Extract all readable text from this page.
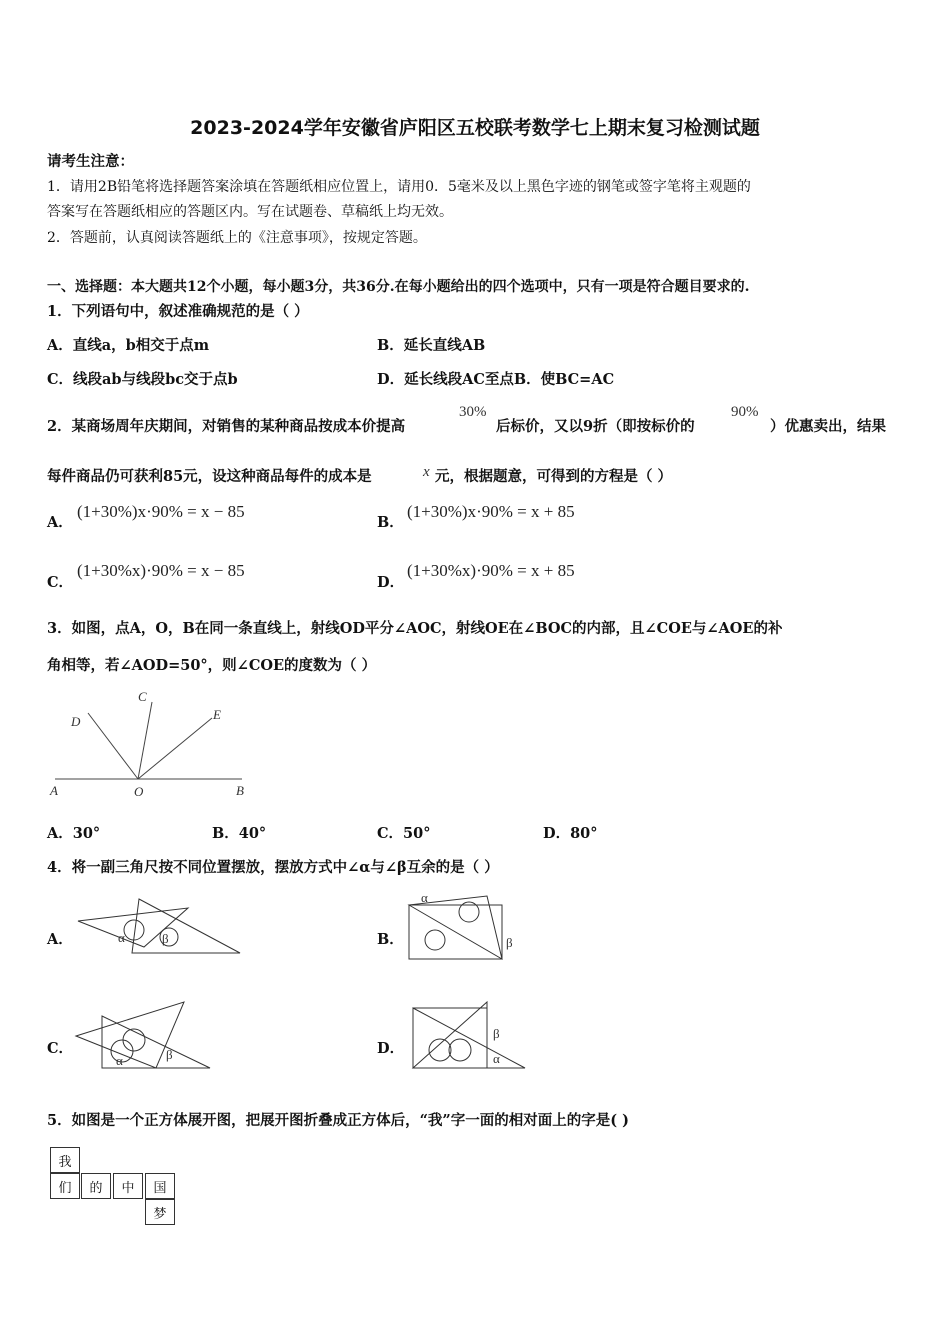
2023-2024学年安徽省庐阳区五校联考数学七上期末复习检测试题
请考生注意：
1．请用2B铅笔将选择题答案涂填在答题纸相应位置上，请用0．5毫米及以上黑色字迹的钢笔或签字笔将主观题的
答案写在答题纸相应的答题区内。写在试题卷、草稿纸上均无效。
2．答题前，认真阅读答题纸上的《注意事项》，按规定答题。
一、选择题：本大题共12个小题，每小题3分，共36分.在每小题给出的四个选项中，只有一项是符合题目要求的.
1．下列语句中，叙述准确规范的是（ ）
A．直线a，b相交于点m	B．延长直线AB
C．线段ab与线段bc交于点b	D．延长线段AC至点B．使BC=AC
2．某商场周年庆期间，对销售的某种商品按成本价提高
30%
后标价，又以9折（即按标价的
90%
）优惠卖出，结果
每件商品仍可获利85元，设这种商品每件的成本是	x 元，根据题意，可得到的方程是（ ）
A．
(1+30%)x·90% = x − 85
B．
(1+30%)x·90% = x + 85
C．
(1+30%x)·90% = x − 85
D．
(1+30%x)·90% = x + 85
3．如图，点A，O，B在同一条直线上，射线OD平分∠AOC，射线OE在∠BOC的内部，且∠COE与∠AOE的补
角相等，若∠AOD=50°，则∠COE的度数为（ ）
A	O	B
C
D	E
A．30°	B．40°	C．50°	D．80°
4．将一副三角尺按不同位置摆放，摆放方式中∠α与∠β互余的是（ ）
A．	α	β	B．
α
β
C．
α	β	D．
β
α
5．如图是一个正方体展开图，把展开图折叠成正方体后，“我”字一面的相对面上的字是( )
我
们	的	中	国
梦
